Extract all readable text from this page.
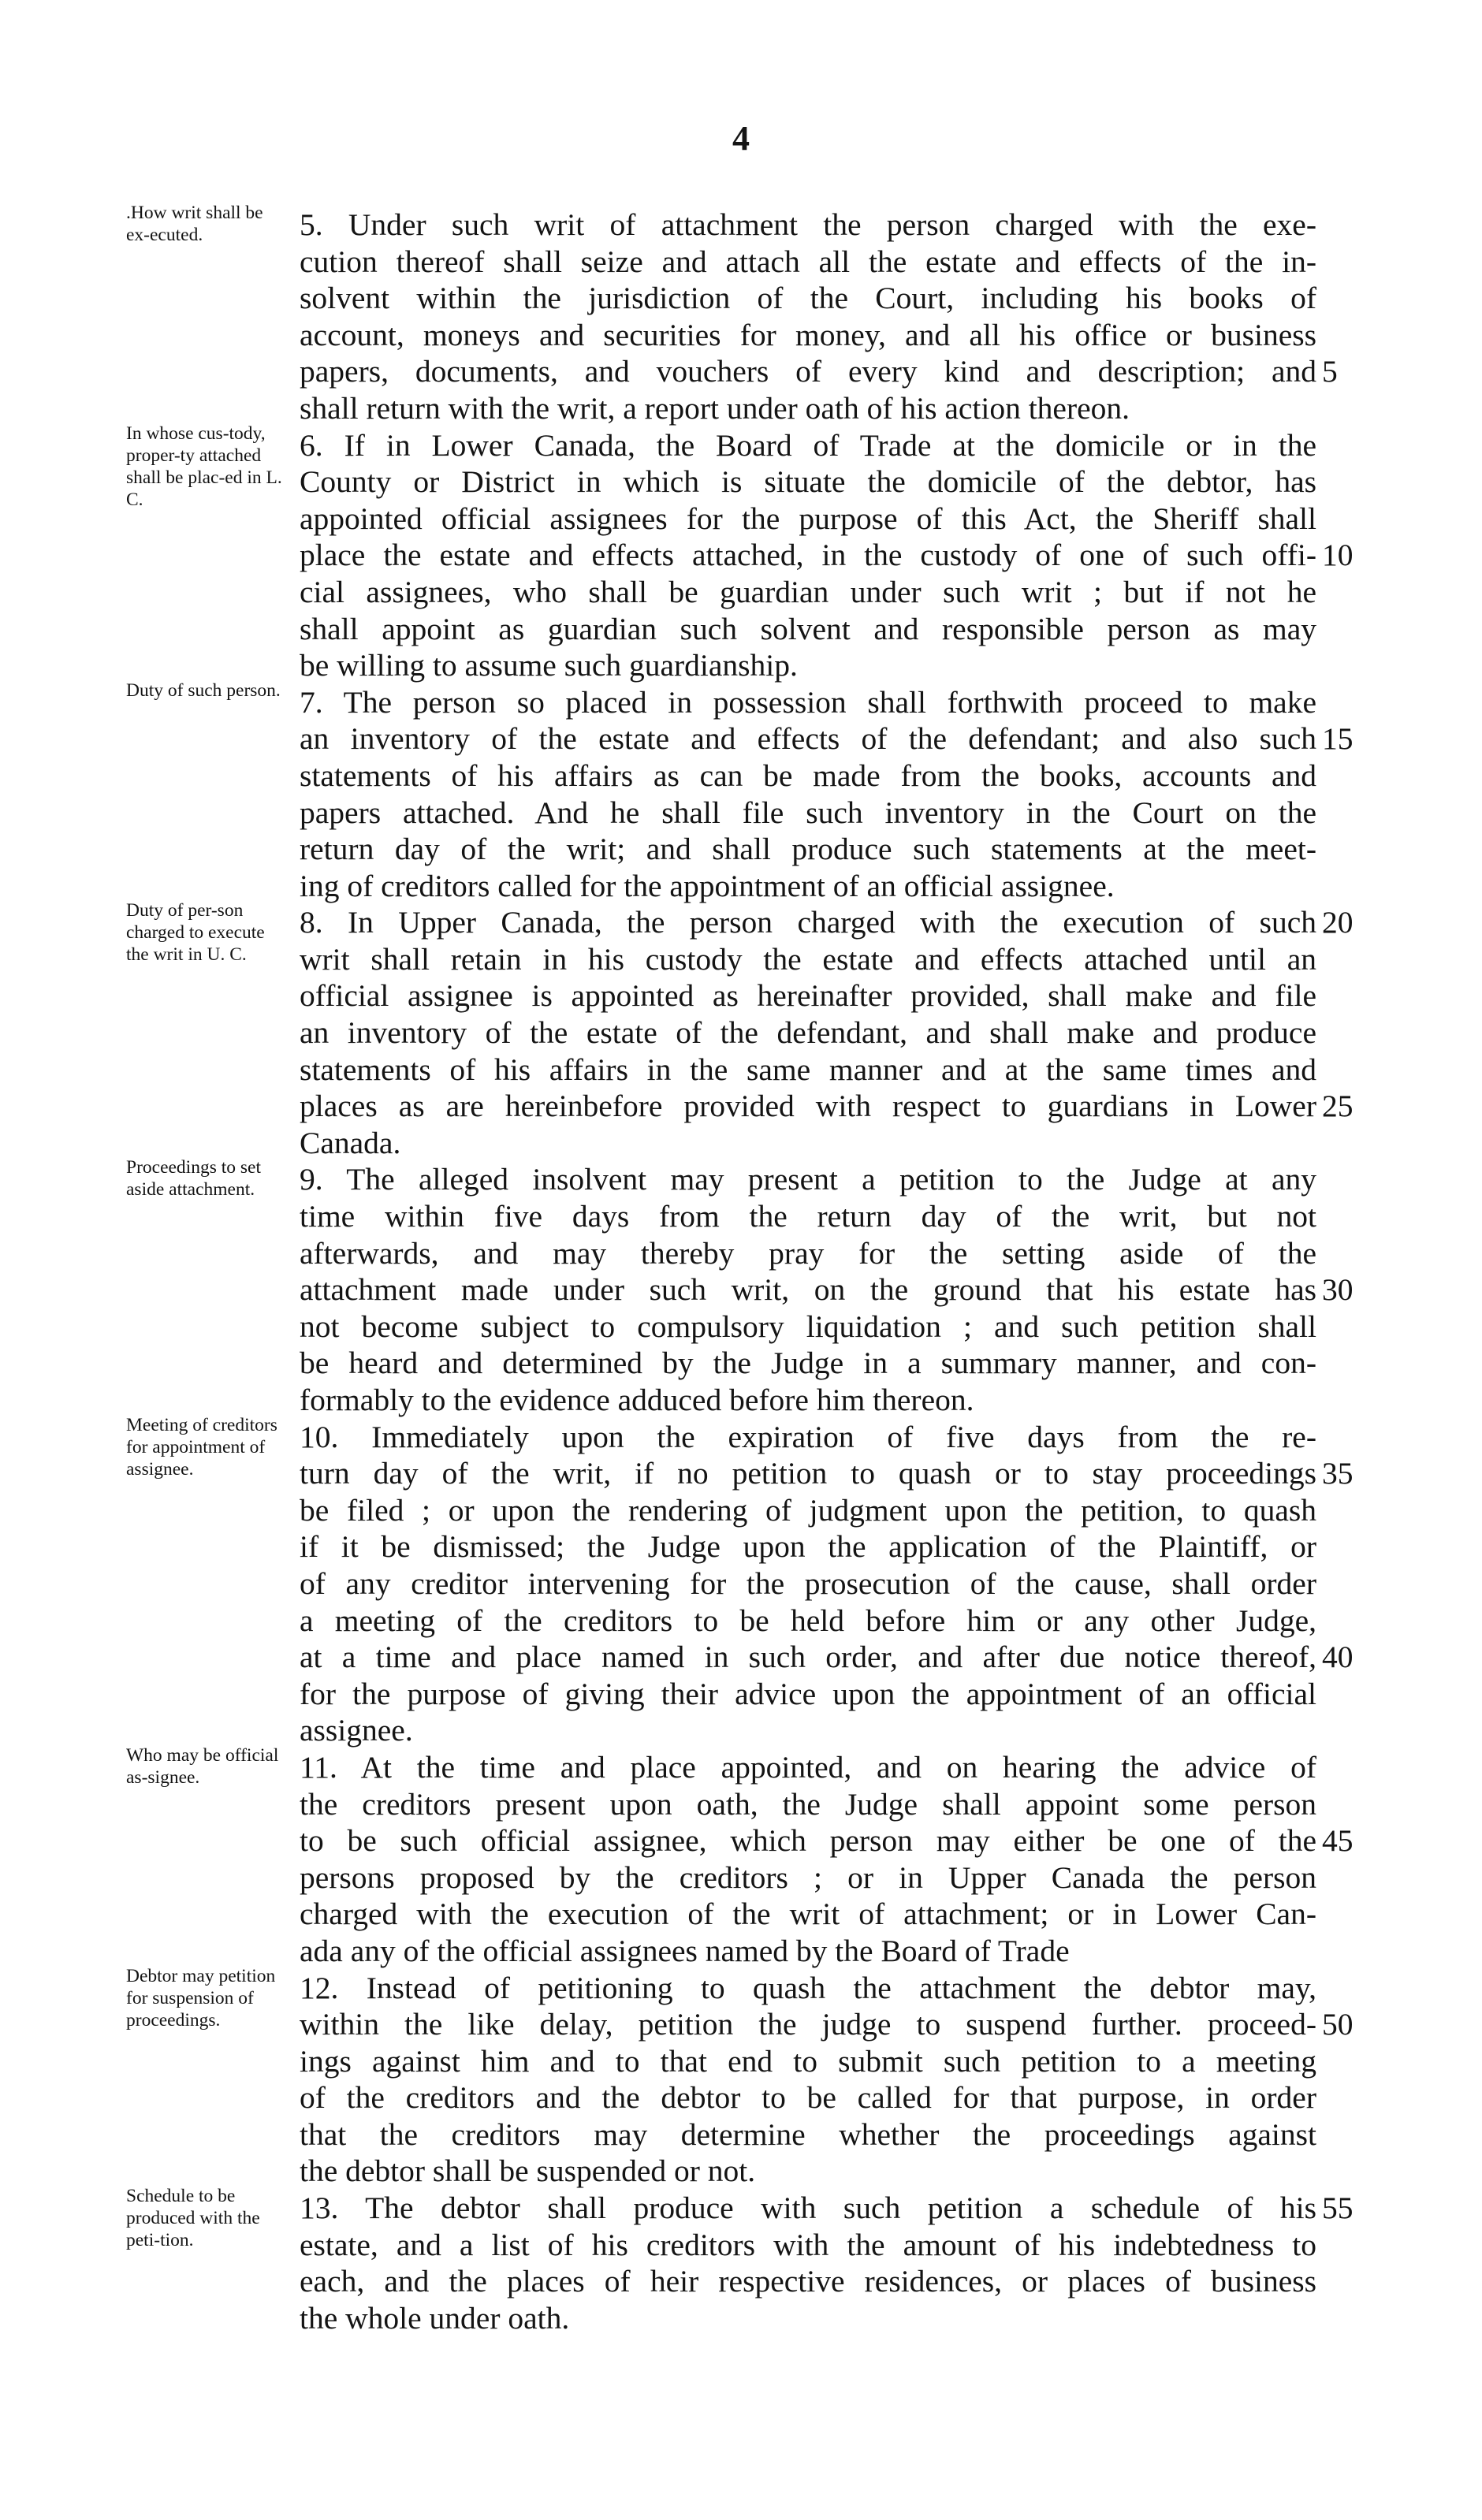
4
.How writ shall be ex-ecuted.	5. Under such writ of attachment the person charged with the exe-
cution thereof shall seize and attach all the estate and effects of the in-
solvent within the jurisdiction of the Court, including his books of
account, moneys and securities for money, and all his office or business
papers, documents, and vouchers of every kind and description; and 5
shall return with the writ, a report under oath of his action thereon.
In whose cus-tody, proper-ty attached shall be plac-ed in L. C.
6. If in Lower Canada, the Board of Trade at the domicile or in the
County or District in which is situate the domicile of the debtor, has
appointed official assignees for the purpose of this Act, the Sheriff shall
place the estate and effects attached, in the custody of one of such offi- 10
cial assignees, who shall be guardian under such writ ; but if not he
shall appoint as guardian such solvent and responsible person as may
be willing to assume such guardianship.
Duty of such person. 7. The person so placed in possession shall forthwith proceed to make
an inventory of the estate and effects of the defendant; and also such 15
statements of his affairs as can be made from the books, accounts and
papers attached. And he shall file such inventory in the Court on the
return day of the writ; and shall produce such statements at the meet-
ing of creditors called for the appointment of an official assignee.
Duty of per-son charged to execute the writ in U. C.
8. In Upper Canada, the person charged with the execution of such 20
writ shall retain in his custody the estate and effects attached until an
official assignee is appointed as hereinafter provided, shall make and file
an inventory of the estate of the defendant, and shall make and produce
statements of his affairs in the same manner and at the same times and
places as are hereinbefore provided with respect to guardians in Lower 25
Canada.
Proceedings to set aside attachment.	9. The alleged insolvent may present a petition to the Judge at any
time within five days from the return day of the writ, but not
afterwards, and may thereby pray for the setting aside of the
attachment made under such writ, on the ground that his estate has 30
not become subject to compulsory liquidation ; and such petition shall
be heard and determined by the Judge in a summary manner, and con-
formably to the evidence adduced before him thereon.
Meeting of creditors for appointment of assignee.
10. Immediately upon the expiration of five days from the re-
turn day of the writ, if no petition to quash or to stay proceedings 35
be filed ; or upon the rendering of judgment upon the petition, to quash
if it be dismissed; the Judge upon the application of the Plaintiff, or
of any creditor intervening for the prosecution of the cause, shall order
a meeting of the creditors to be held before him or any other Judge,
at a time and place named in such order, and after due notice thereof, 40
for the purpose of giving their advice upon the appointment of an official
assignee.
Who may be official as-signee.	11. At the time and place appointed, and on hearing the advice of
the creditors present upon oath, the Judge shall appoint some person
to be such official assignee, which person may either be one of the 45
persons proposed by the creditors ; or in Upper Canada the person
charged with the execution of the writ of attachment; or in Lower Can-
ada any of the official assignees named by the Board of Trade
Debtor may petition for suspension of proceedings.
12. Instead of petitioning to quash the attachment the debtor may,
within the like delay, petition the judge to suspend further. proceed- 50
ings against him and to that end to submit such petition to a meeting
of the creditors and the debtor to be called for that purpose, in order
that the creditors may determine whether the proceedings against
the debtor shall be suspended or not.
Schedule to be produced with the peti-tion.
13. The debtor shall produce with such petition a schedule of his 55
estate, and a list of his creditors with the amount of his indebtedness to
each, and the places of heir respective residences, or places of business
the whole under oath.
